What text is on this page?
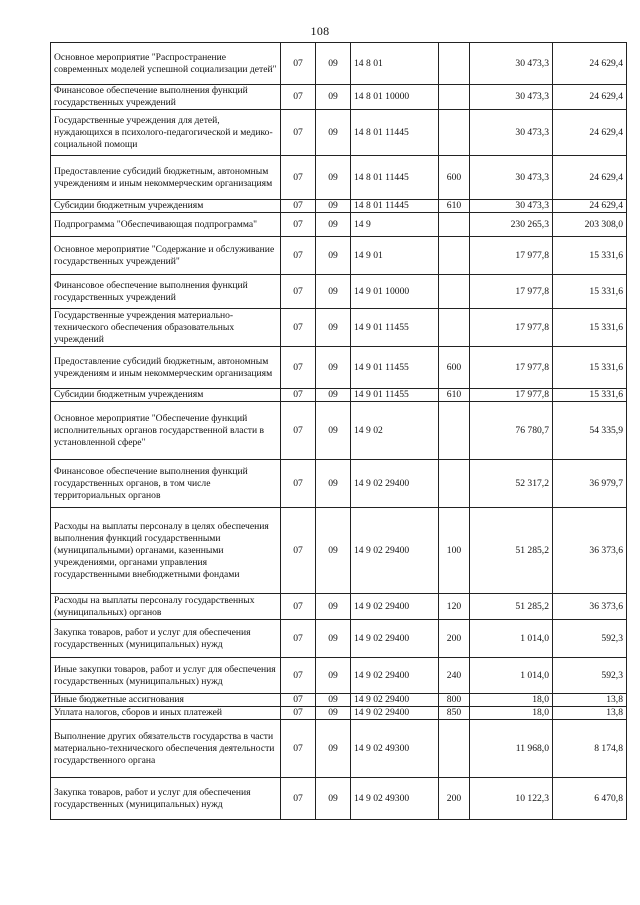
108
Основное мероприятие "Распространение современных моделей успешной социализации детей"	07	09	14 8 01		30 473,3	24 629,4
Финансовое обеспечение выполнения функций государственных учреждений	07	09	14 8 01 10000		30 473,3	24 629,4
Государственные учреждения для детей, нуждающихся в психолого-педагогической и медико-социальной помощи	07	09	14 8 01 11445		30 473,3	24 629,4
Предоставление субсидий бюджетным, автономным учреждениям и иным некоммерческим организациям	07	09	14 8 01 11445	600	30 473,3	24 629,4
Субсидии бюджетным учреждениям	07	09	14 8 01 11445	610	30 473,3	24 629,4
Подпрограмма "Обеспечивающая подпрограмма"	07	09	14 9		230 265,3	203 308,0
Основное мероприятие "Содержание и обслуживание государственных учреждений"	07	09	14 9 01		17 977,8	15 331,6
Финансовое обеспечение выполнения функций государственных учреждений	07	09	14 9 01 10000		17 977,8	15 331,6
Государственные учреждения материально-технического обеспечения образовательных учреждений	07	09	14 9 01 11455		17 977,8	15 331,6
Предоставление субсидий бюджетным, автономным учреждениям и иным некоммерческим организациям	07	09	14 9 01 11455	600	17 977,8	15 331,6
Субсидии бюджетным учреждениям	07	09	14 9 01 11455	610	17 977,8	15 331,6
Основное мероприятие "Обеспечение функций исполнительных органов государственной власти в установленной сфере"	07	09	14 9 02		76 780,7	54 335,9
Финансовое обеспечение выполнения функций государственных органов, в том числе территориальных органов	07	09	14 9 02 29400		52 317,2	36 979,7
Расходы на выплаты персоналу в целях обеспечения выполнения функций государственными (муниципальными) органами, казенными учреждениями, органами управления государственными внебюджетными фондами	07	09	14 9 02 29400	100	51 285,2	36 373,6
Расходы на выплаты персоналу государственных (муниципальных) органов	07	09	14 9 02 29400	120	51 285,2	36 373,6
Закупка товаров, работ и услуг для обеспечения государственных (муниципальных) нужд	07	09	14 9 02 29400	200	1 014,0	592,3
Иные закупки товаров, работ и услуг для обеспечения государственных (муниципальных) нужд	07	09	14 9 02 29400	240	1 014,0	592,3
Иные бюджетные ассигнования	07	09	14 9 02 29400	800	18,0	13,8
Уплата налогов, сборов и иных платежей	07	09	14 9 02 29400	850	18,0	13,8
Выполнение других обязательств государства в части материально-технического обеспечения деятельности государственного органа	07	09	14 9 02 49300		11 968,0	8 174,8
Закупка товаров, работ и услуг для обеспечения государственных (муниципальных) нужд	07	09	14 9 02 49300	200	10 122,3	6 470,8
